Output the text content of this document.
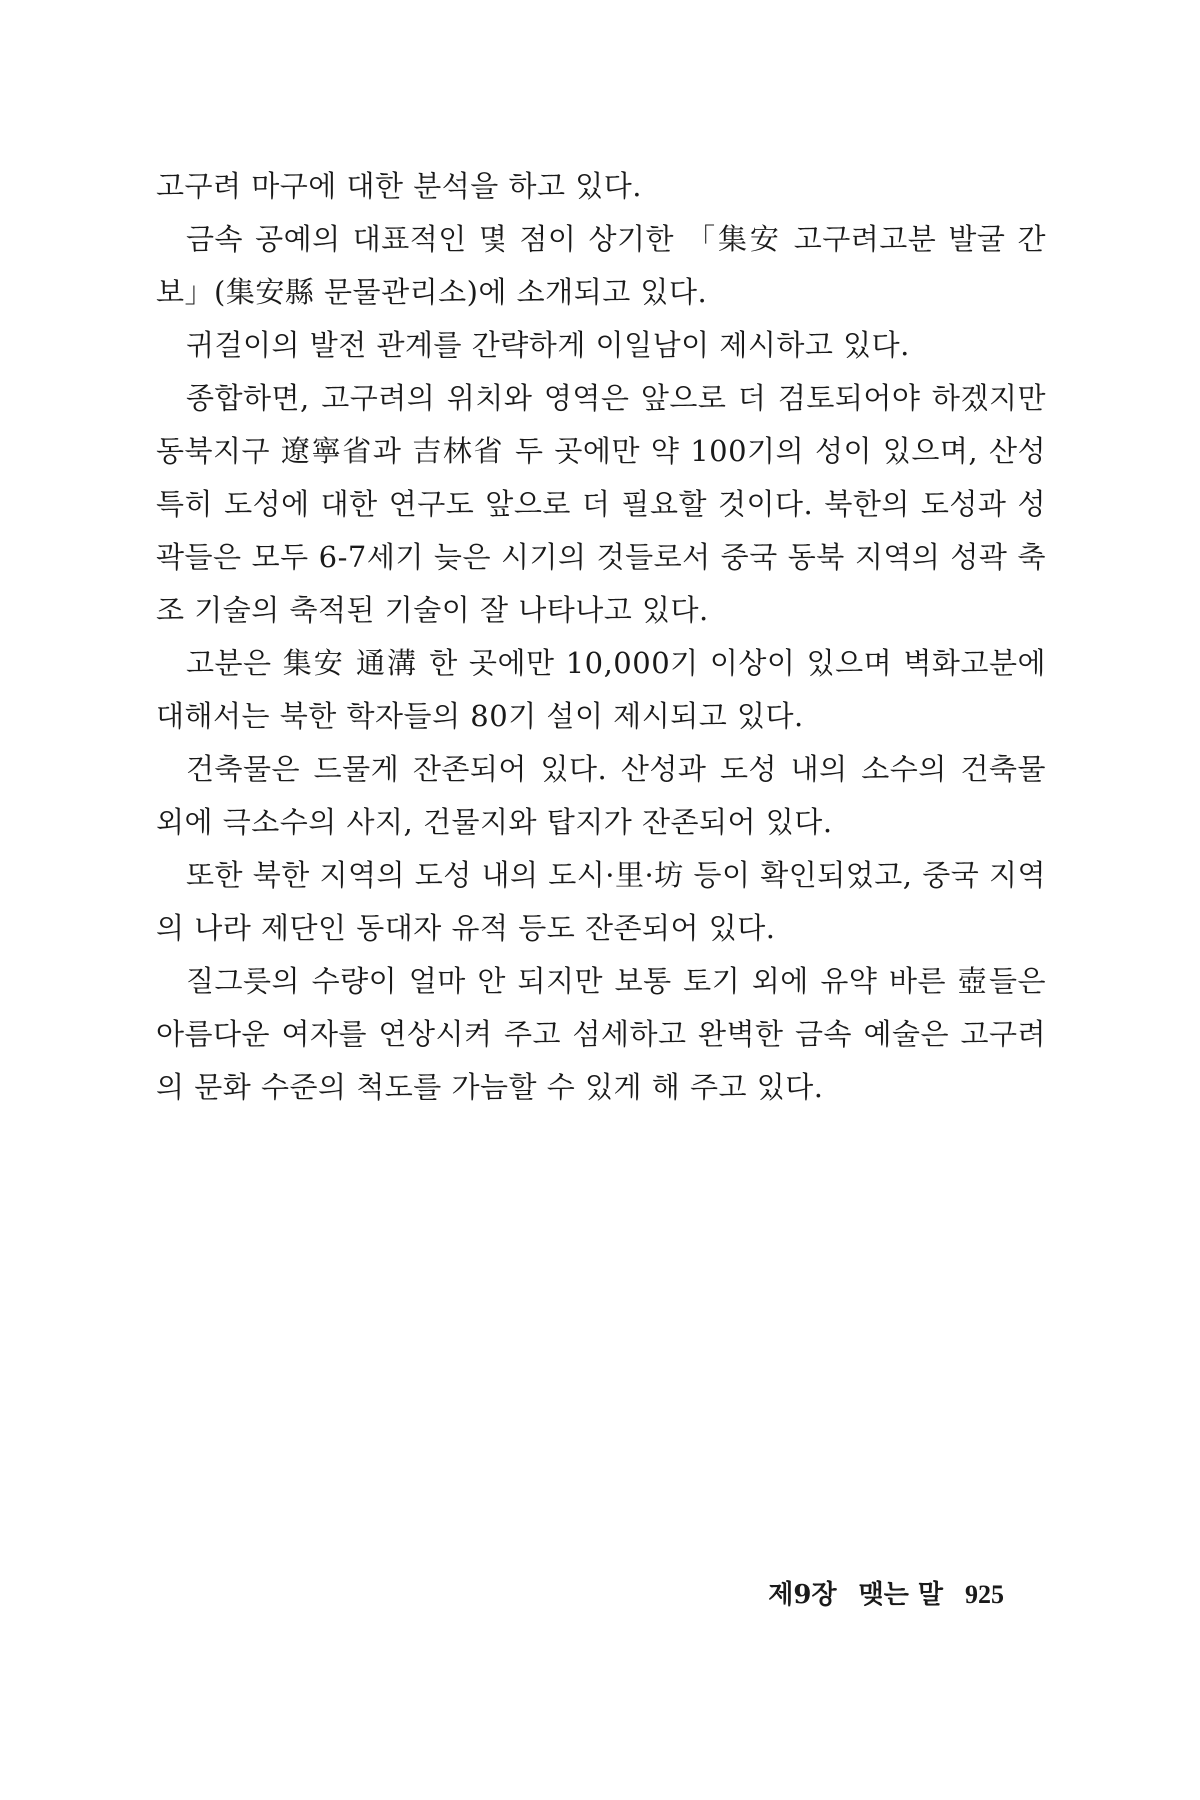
고구려 마구에 대한 분석을 하고 있다.

금속 공예의 대표적인 몇 점이 상기한 「集安 고구려고분 발굴 간보」(集安縣 문물관리소)에 소개되고 있다.

귀걸이의 발전 관계를 간략하게 이일남이 제시하고 있다.

종합하면, 고구려의 위치와 영역은 앞으로 더 검토되어야 하겠지만 동북지구 遼寧省과 吉林省 두 곳에만 약 100기의 성이 있으며, 산성 특히 도성에 대한 연구도 앞으로 더 필요할 것이다. 북한의 도성과 성곽들은 모두 6-7세기 늦은 시기의 것들로서 중국 동북 지역의 성곽 축조 기술의 축적된 기술이 잘 나타나고 있다.

고분은 集安 通溝 한 곳에만 10,000기 이상이 있으며 벽화고분에 대해서는 북한 학자들의 80기 설이 제시되고 있다.

건축물은 드물게 잔존되어 있다. 산성과 도성 내의 소수의 건축물 외에 극소수의 사지, 건물지와 탑지가 잔존되어 있다.

또한 북한 지역의 도성 내의 도시·里·坊 등이 확인되었고, 중국 지역의 나라 제단인 동대자 유적 등도 잔존되어 있다.

질그릇의 수량이 얼마 안 되지만 보통 토기 외에 유약 바른 壺들은 아름다운 여자를 연상시켜 주고 섬세하고 완벽한 금속 예술은 고구려의 문화 수준의 척도를 가늠할 수 있게 해 주고 있다.

제9장 맺는 말 925
